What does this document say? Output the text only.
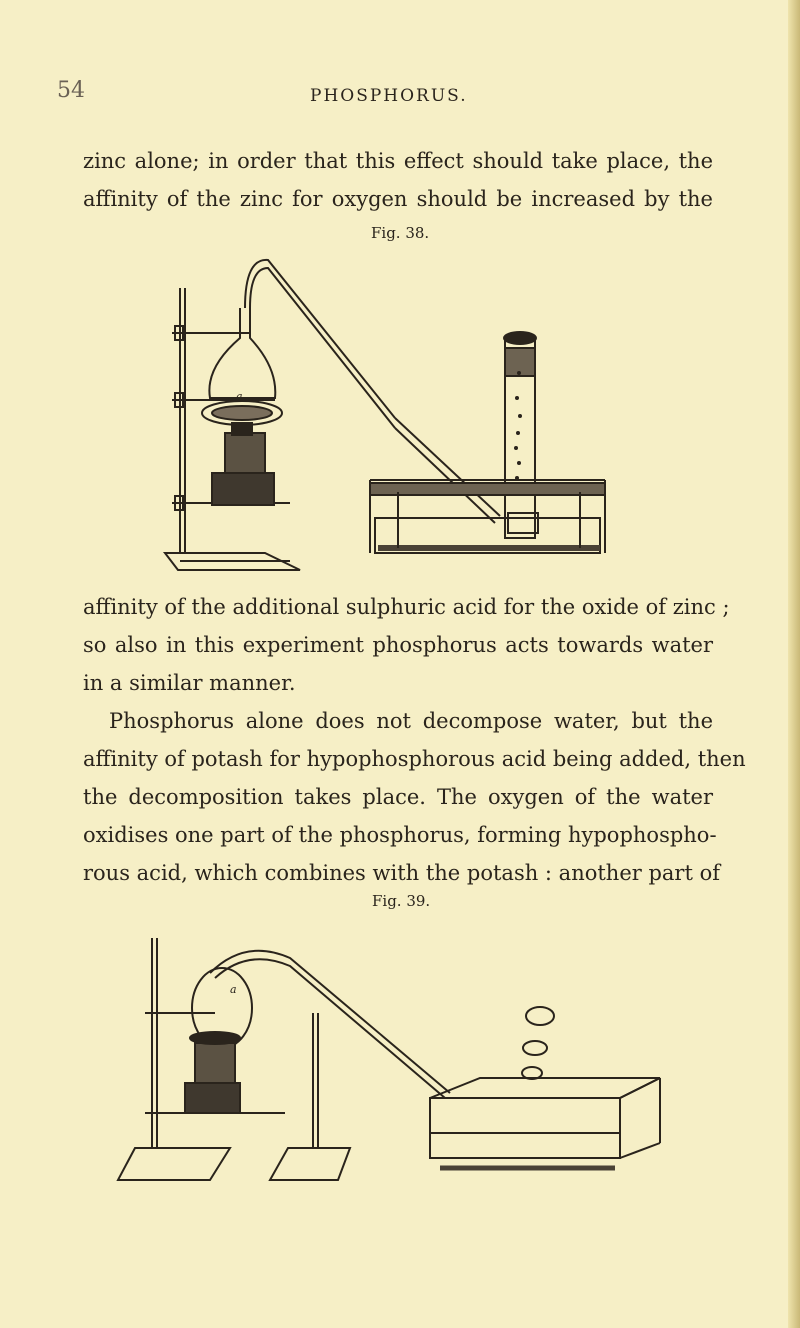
54	PHOSPHORUS.
zinc alone; in order that this effect should take place, the
affinity of the zinc for oxygen should be increased by the
Fig. 38.
a
affinity of the additional sulphuric acid for the oxide of zinc ;
so also in this experiment phosphorus acts towards water
in a similar manner.
Phosphorus alone does not decompose water, but the
affinity of potash for hypophosphorous acid being added, then
the decomposition takes place. The oxygen of the water
oxidises one part of the phosphorus, forming hypophospho-
rous acid, which combines with the potash : another part of
Fig. 39.
a
